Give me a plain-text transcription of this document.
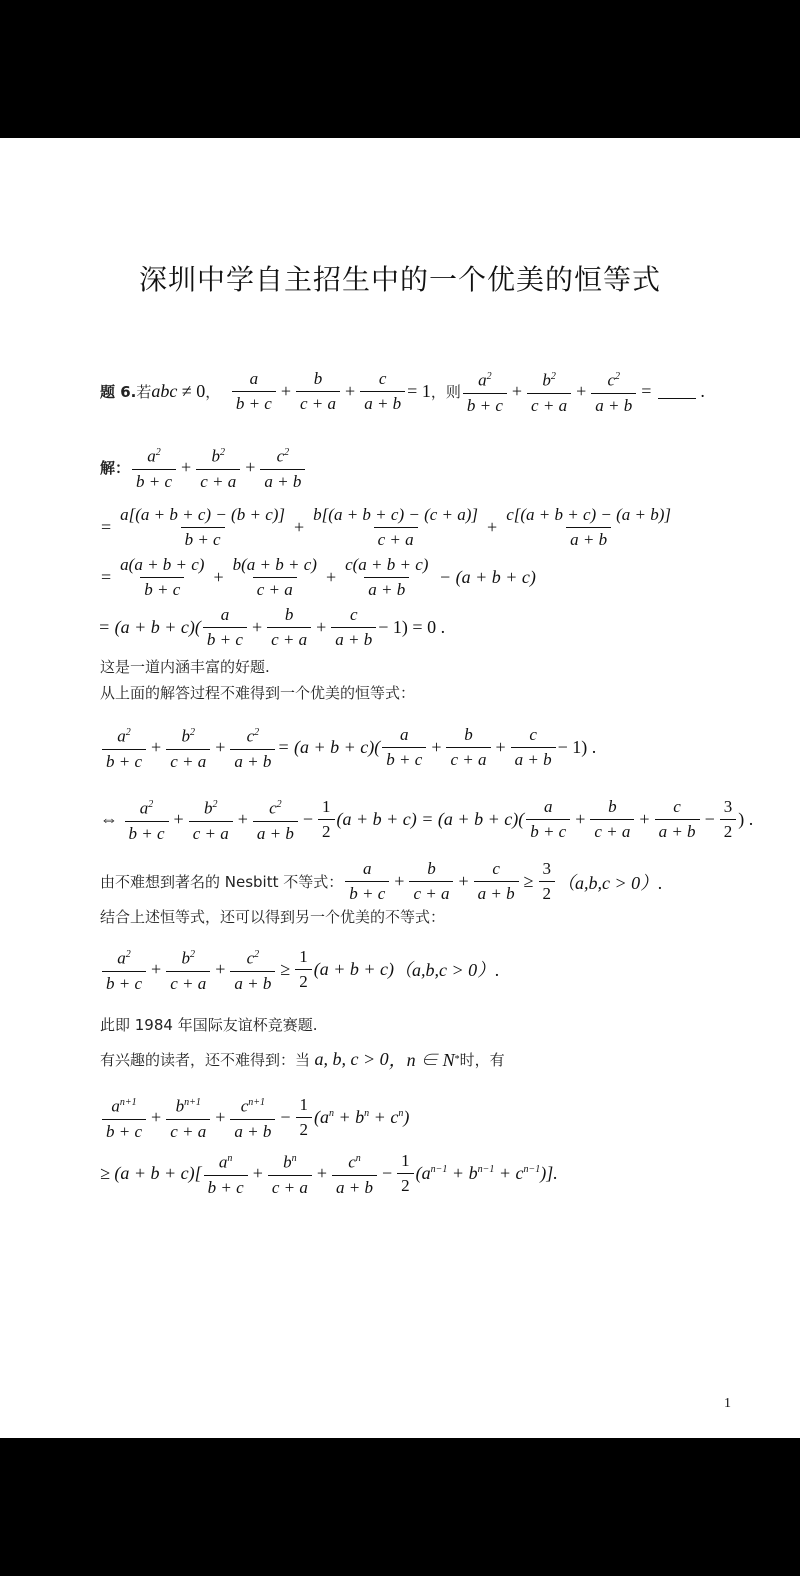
深圳中学自主招生中的一个优美的恒等式
题 6. 若 abc ≠ 0 ， $\frac{a}{b + c} + \frac{b}{c + a} + \frac{c}{a + b} = 1$ ， 则 $\frac{a^2}{b + c} + \frac{b^2}{c + a} + \frac{c^2}{a + b}$ =	.
解： $\frac{a^2}{b + c} + \frac{b^2}{c + a} + \frac{c^2}{a + b}$
= $\frac{a[(a + b + c) - (b + c)]}{b + c} + \frac{b[(a + b + c) - (c + a)]}{c + a} + \frac{c[(a + b + c) - (a + b)]}{a + b}$
= $\frac{a(a + b + c)}{b + c} + \frac{b(a + b + c)}{c + a} + \frac{c(a + b + c)}{a + b} - (a + b + c)$
= $(a + b + c)( \frac{a}{b + c} + \frac{b}{c + a} + \frac{c}{a + b} - 1) = 0$ .
这是一道内涵丰富的好题.
从上面的解答过程不难得到一个优美的恒等式：
$\frac{a^2}{b + c} + \frac{b^2}{c + a} + \frac{c^2}{a + b} = (a + b + c)( \frac{a}{b + c} + \frac{b}{c + a} + \frac{c}{a + b} - 1)$ .
⇔ $\frac{a^2}{b + c} + \frac{b^2}{c + a} + \frac{c^2}{a + b} - \frac{1}{2} (a + b + c) = (a + b + c)( \frac{a}{b + c} + \frac{b}{c + a} + \frac{c}{a + b} - \frac{3}{2}$ ) .
由不难想到著名的 Nesbitt 不等式： $\frac{a}{b + c} + \frac{b}{c + a} + \frac{c}{a + b} \ge \frac{3}{2} (a,b,c > 0)$.
结合上述恒等式，还可以得到另一个优美的不等式：
$\frac{a^2}{b + c} + \frac{b^2}{c + a} + \frac{c^2}{a + b} \ge \frac{1}{2} (a + b + c) (a,b,c > 0)$.
此即 1984 年国际友谊杯竞赛题.
有兴趣的读者，还不难得到：当 a, b, c > 0 ，n ∈ N * 时，有
$\frac{a^{n+1}}{b + c} + \frac{b^{n+1}}{c + a} + \frac{c^{n+1}}{a + b} - \frac{1}{2} (a^n + b^n + c^n)$
≥ $(a + b + c)[ \frac{a^n}{b + c} + \frac{b^n}{c + a} + \frac{c^n}{a + b} - \frac{1}{2} (a^{n-1} + b^{n-1} + c^{n-1})]$.
1
